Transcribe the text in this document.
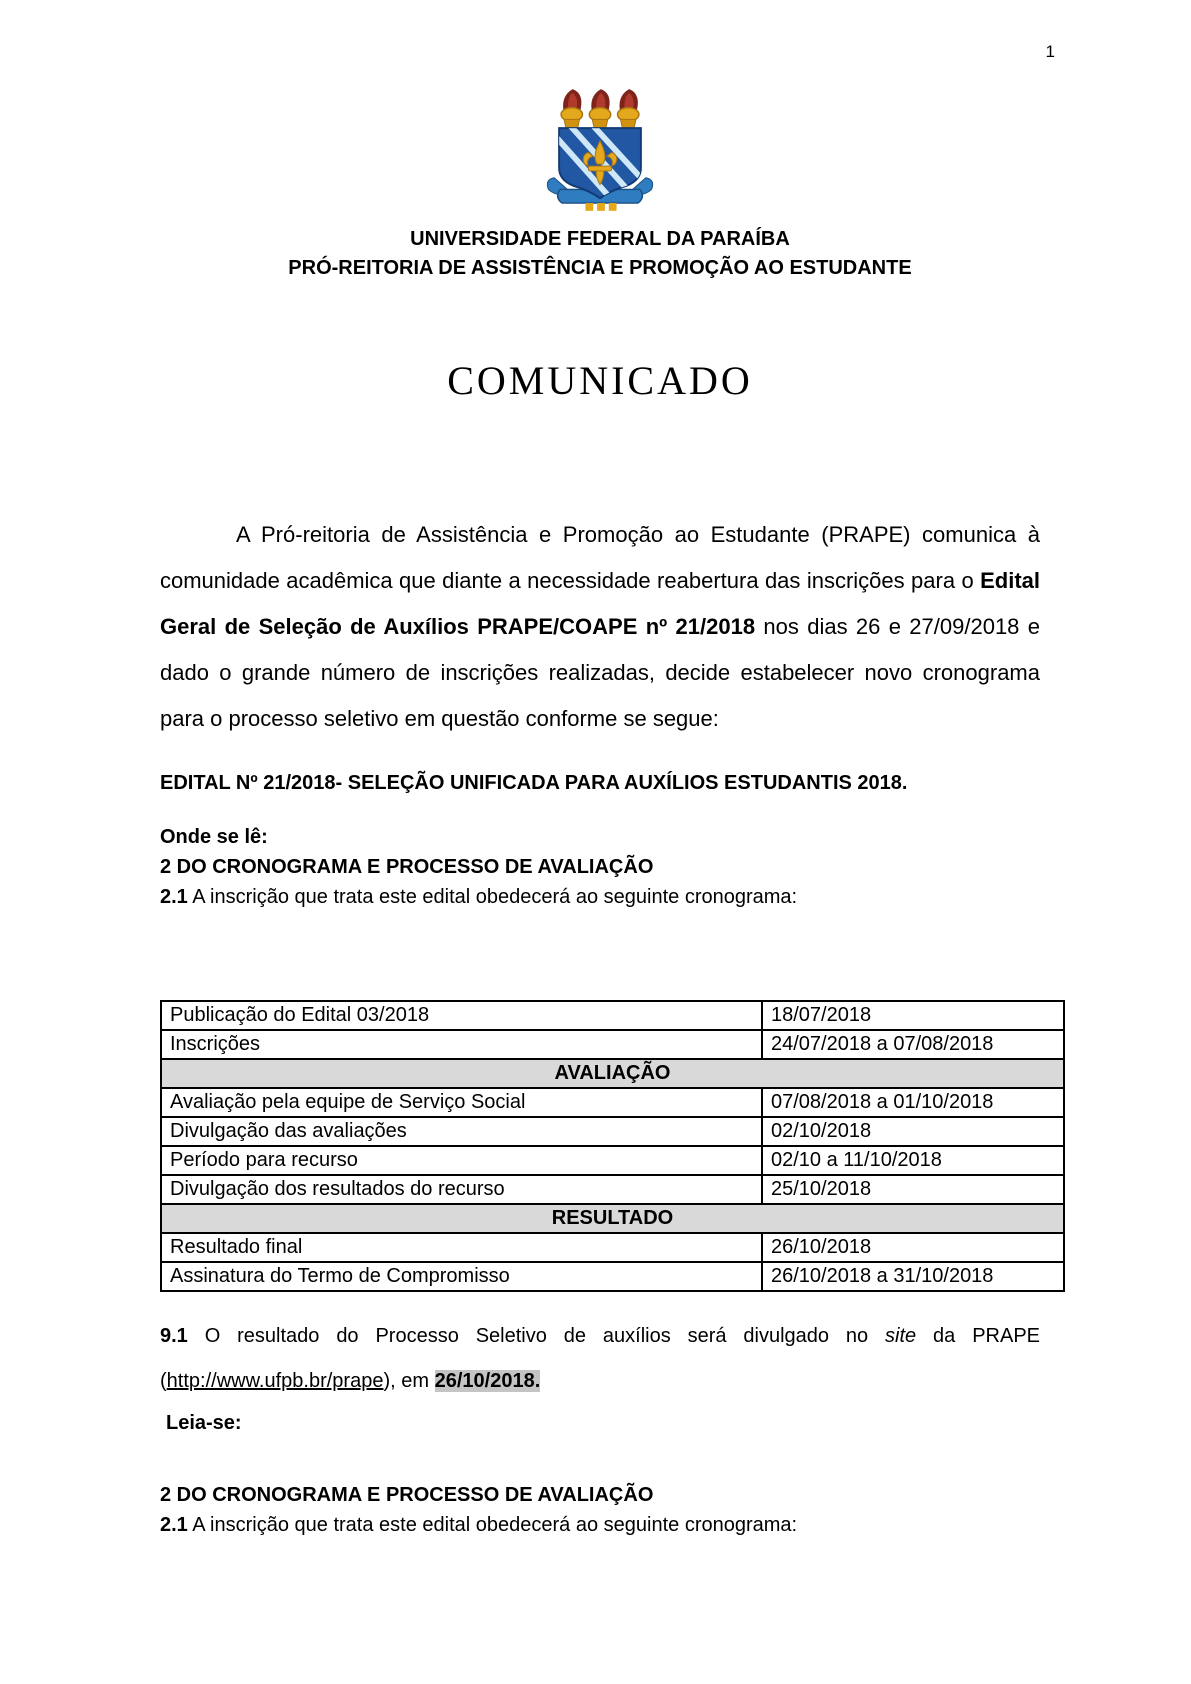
1
UNIVERSIDADE FEDERAL DA PARAÍBA
PRÓ-REITORIA DE ASSISTÊNCIA E PROMOÇÃO AO ESTUDANTE
COMUNICADO

A Pró-reitoria de Assistência e Promoção ao Estudante (PRAPE) comunica à comunidade acadêmica que diante a necessidade reabertura das inscrições para o Edital Geral de Seleção de Auxílios PRAPE/COAPE nº 21/2018 nos dias 26 e 27/09/2018 e dado o grande número de inscrições realizadas, decide estabelecer novo cronograma para o processo seletivo em questão conforme se segue:

EDITAL Nº 21/2018- SELEÇÃO UNIFICADA PARA AUXÍLIOS ESTUDANTIS 2018.
Onde se lê:
2 DO CRONOGRAMA E PROCESSO DE AVALIAÇÃO
2.1 A inscrição que trata este edital obedecerá ao seguinte cronograma:
Publicação do Edital 03/2018	18/07/2018
Inscrições	24/07/2018 a 07/08/2018
AVALIAÇÃO	
Avaliação pela equipe de Serviço Social	07/08/2018 a 01/10/2018
Divulgação das avaliações	02/10/2018
Período para recurso	02/10 a 11/10/2018
Divulgação dos resultados do recurso	25/10/2018
RESULTADO	
Resultado final	26/10/2018
Assinatura do Termo de Compromisso	26/10/2018 a 31/10/2018

9.1 O resultado do Processo Seletivo de auxílios será divulgado no site da PRAPE (http://www.ufpb.br/prape), em 26/10/2018.

Leia-se:
2 DO CRONOGRAMA E PROCESSO DE AVALIAÇÃO
2.1 A inscrição que trata este edital obedecerá ao seguinte cronograma:
